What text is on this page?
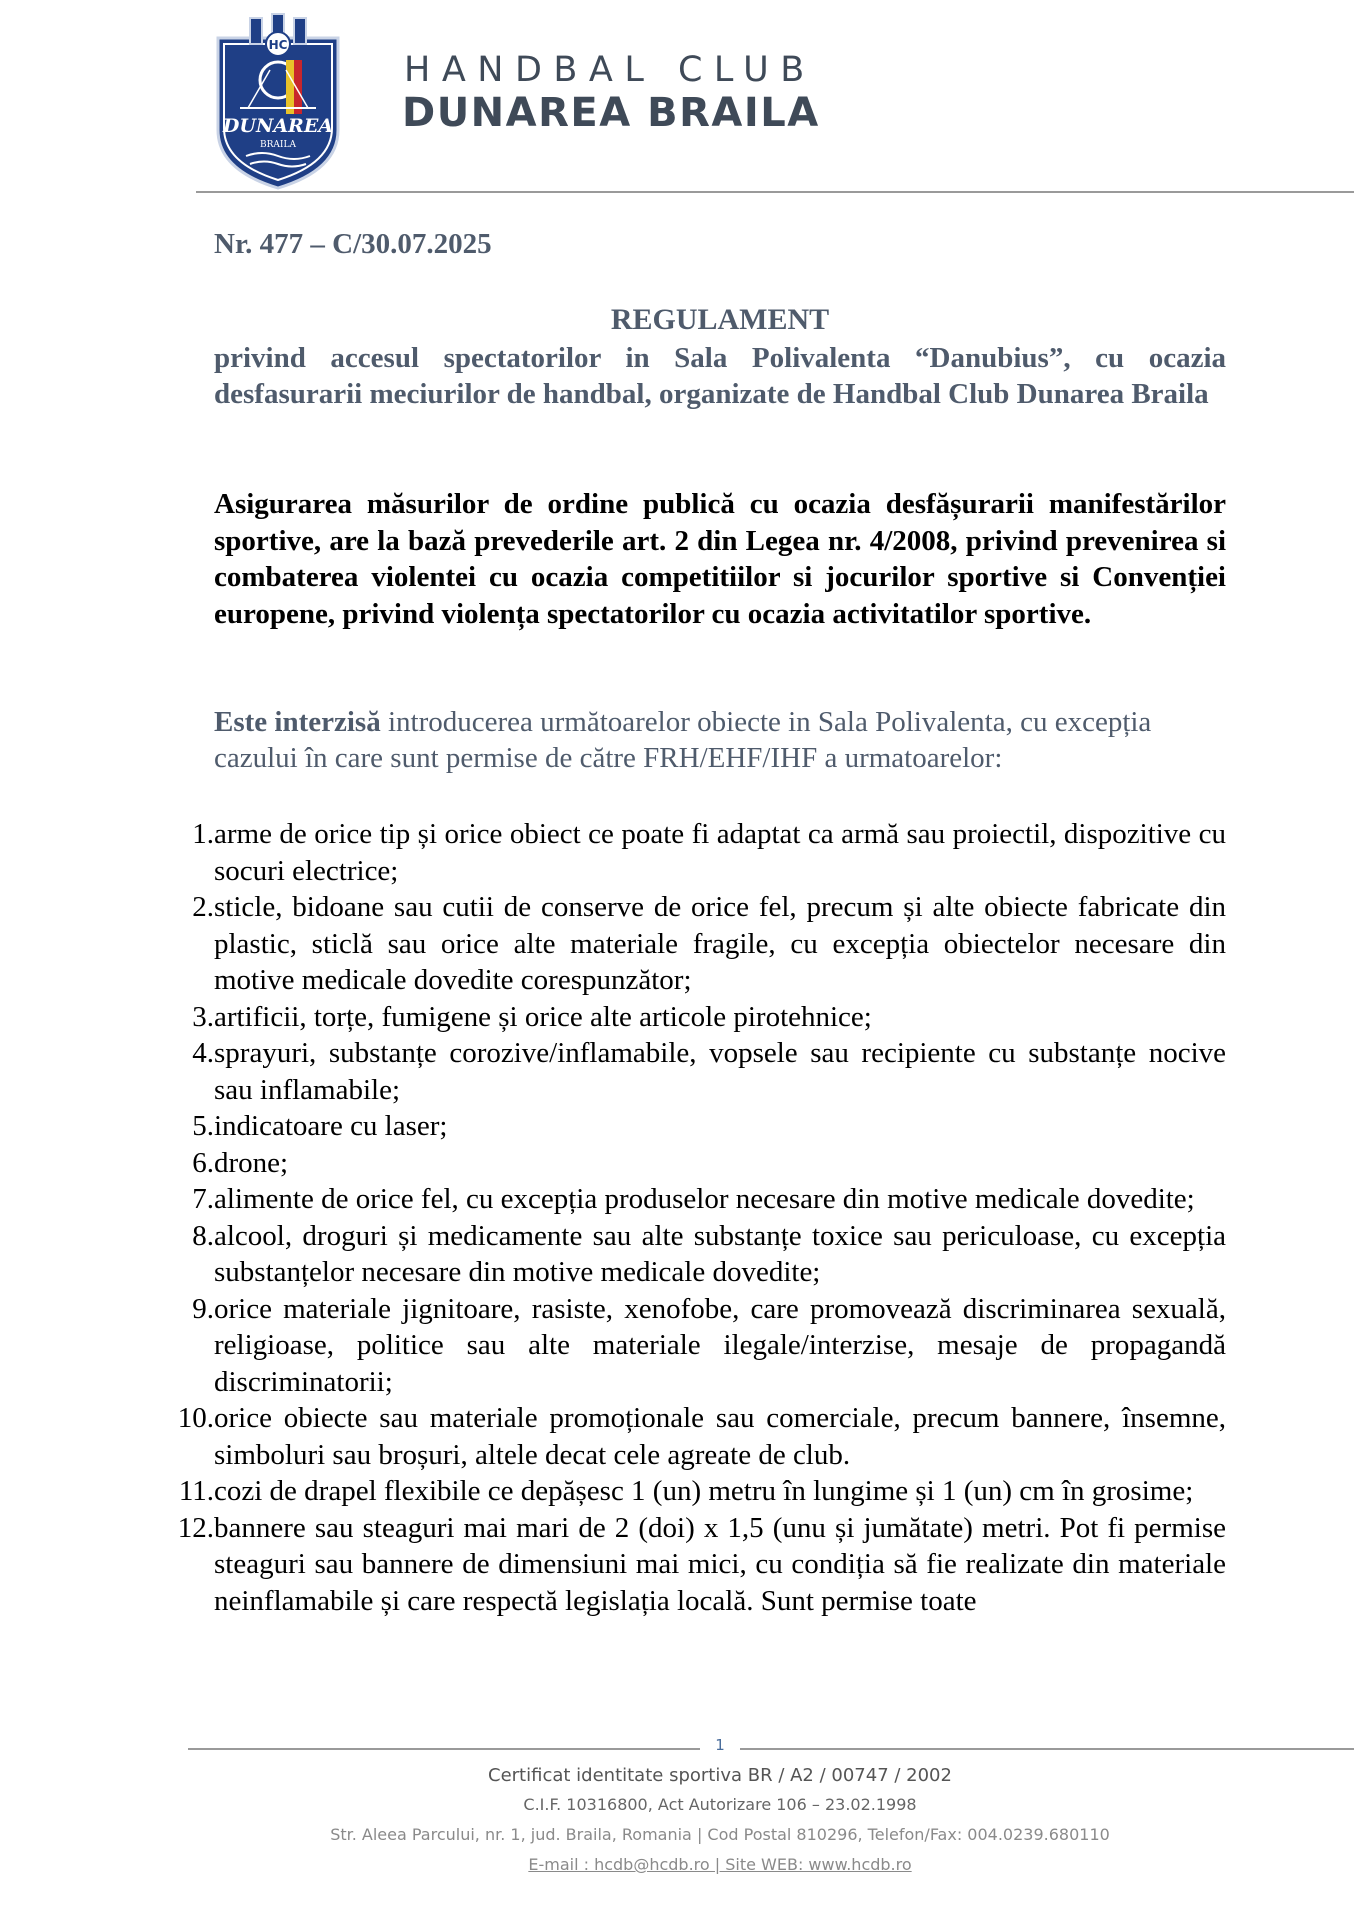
HC
DUNAREA
BRAILA
HANDBAL CLUB
DUNAREA BRAILA
Nr. 477 – C/30.07.2025
REGULAMENT
privind accesul spectatorilor in Sala Polivalenta “Danubius”, cu ocazia desfasurarii meciurilor de handbal, organizate de Handbal Club Dunarea Braila
Asigurarea măsurilor de ordine publică cu ocazia desfășurarii manifestărilor sportive, are la bază prevederile art. 2 din Legea nr. 4/2008, privind prevenirea si combaterea violentei cu ocazia competitiilor si jocurilor sportive si Convenției europene, privind violența spectatorilor cu ocazia activitatilor sportive.
Este interzisă introducerea următoarelor obiecte in Sala Polivalenta, cu excepția cazului în care sunt permise de către FRH/EHF/IHF a urmatoarelor:
1. arme de orice tip și orice obiect ce poate fi adaptat ca armă sau proiectil, dispozitive cu socuri electrice;
2. sticle, bidoane sau cutii de conserve de orice fel, precum și alte obiecte fabricate din plastic, sticlă sau orice alte materiale fragile, cu excepția obiectelor necesare din motive medicale dovedite corespunzător;
3. artificii, torțe, fumigene și orice alte articole pirotehnice;
4. sprayuri, substanțe corozive/inflamabile, vopsele sau recipiente cu substanțe nocive sau inflamabile;
5. indicatoare cu laser;
6. drone;
7. alimente de orice fel, cu excepția produselor necesare din motive medicale dovedite;
8. alcool, droguri și medicamente sau alte substanțe toxice sau periculoase, cu excepția substanțelor necesare din motive medicale dovedite;
9. orice materiale jignitoare, rasiste, xenofobe, care promovează discriminarea sexuală, religioase, politice sau alte materiale ilegale/interzise, mesaje de propagandă discriminatorii;
10. orice obiecte sau materiale promoționale sau comerciale, precum bannere, însemne, simboluri sau broșuri, altele decat cele agreate de club.
11. cozi de drapel flexibile ce depășesc 1 (un) metru în lungime și 1 (un) cm în grosime;
12. bannere sau steaguri mai mari de 2 (doi) x 1,5 (unu și jumătate) metri. Pot fi permise steaguri sau bannere de dimensiuni mai mici, cu condiția să fie realizate din materiale neinflamabile și care respectă legislația locală. Sunt permise toate
1
Certificat identitate sportiva BR / A2 / 00747 / 2002
C.I.F. 10316800, Act Autorizare 106 – 23.02.1998
Str. Aleea Parcului, nr. 1, jud. Braila, Romania | Cod Postal 810296, Telefon/Fax: 004.0239.680110
E-mail : hcdb@hcdb.ro | Site WEB: www.hcdb.ro
